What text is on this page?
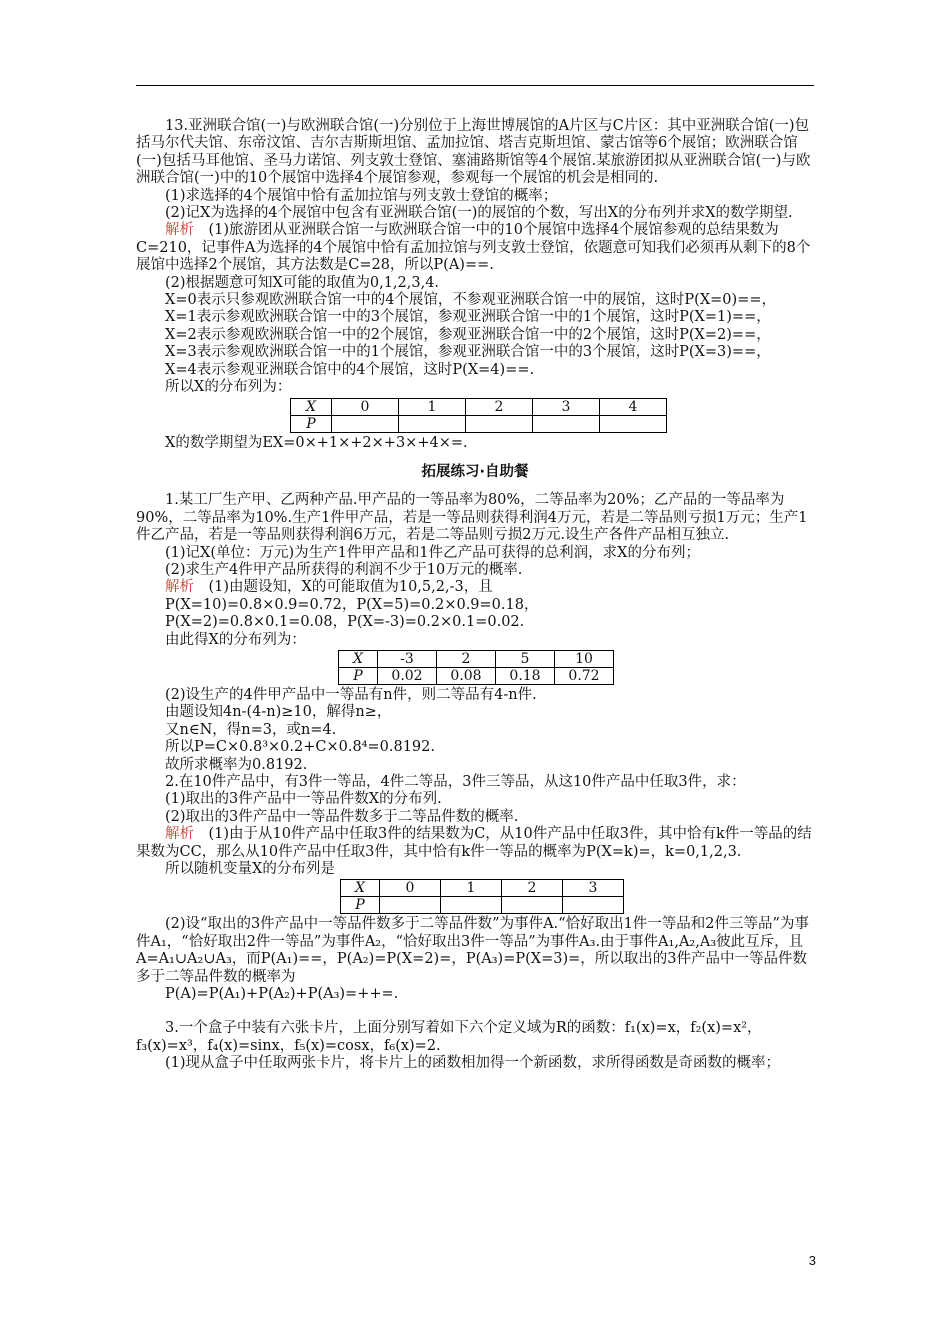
13.亚洲联合馆(一)与欧洲联合馆(一)分别位于上海世博展馆的A片区与C片区：其中亚洲联合馆(一)包括马尔代夫馆、东帝汶馆、吉尔吉斯斯坦馆、孟加拉馆、塔吉克斯坦馆、蒙古馆等6个展馆；欧洲联合馆(一)包括马耳他馆、圣马力诺馆、列支敦士登馆、塞浦路斯馆等4个展馆.某旅游团拟从亚洲联合馆(一)与欧洲联合馆(一)中的10个展馆中选择4个展馆参观，参观每一个展馆的机会是相同的.

(1)求选择的4个展馆中恰有孟加拉馆与列支敦士登馆的概率；

(2)记X为选择的4个展馆中包含有亚洲联合馆(一)的展馆的个数，写出X的分布列并求X的数学期望.

解析　 (1)旅游团从亚洲联合馆一与欧洲联合馆一中的10个展馆中选择4个展馆参观的总结果数为C=210，记事件A为选择的4个展馆中恰有孟加拉馆与列支敦士登馆，依题意可知我们必须再从剩下的8个展馆中选择2个展馆，其方法数是C=28，所以P(A)==.

(2)根据题意可知X可能的取值为0,1,2,3,4.

X=0表示只参观欧洲联合馆一中的4个展馆，不参观亚洲联合馆一中的展馆，这时P(X=0)==，

X=1表示参观欧洲联合馆一中的3个展馆，参观亚洲联合馆一中的1个展馆，这时P(X=1)==，

X=2表示参观欧洲联合馆一中的2个展馆，参观亚洲联合馆一中的2个展馆，这时P(X=2)==，

X=3表示参观欧洲联合馆一中的1个展馆，参观亚洲联合馆一中的3个展馆，这时P(X=3)==，

X=4表示参观亚洲联合馆中的4个展馆，这时P(X=4)==.

所以X的分布列为：

X	0	1	2	3	4
P					

X的数学期望为EX=0×+1×+2×+3×+4×=.

拓展练习·自助餐

1.某工厂生产甲、乙两种产品.甲产品的一等品率为80%，二等品率为20%；乙产品的一等品率为90%，二等品率为10%.生产1件甲产品，若是一等品则获得利润4万元，若是二等品则亏损1万元；生产1件乙产品，若是一等品则获得利润6万元，若是二等品则亏损2万元.设生产各件产品相互独立.

(1)记X(单位：万元)为生产1件甲产品和1件乙产品可获得的总利润，求X的分布列；

(2)求生产4件甲产品所获得的利润不少于10万元的概率.

解析　 (1)由题设知，X的可能取值为10,5,2,-3，且

P(X=10)=0.8×0.9=0.72，P(X=5)=0.2×0.9=0.18，

P(X=2)=0.8×0.1=0.08，P(X=-3)=0.2×0.1=0.02.

由此得X的分布列为：

X	-3	2	5	10
P	0.02	0.08	0.18	0.72

(2)设生产的4件甲产品中一等品有n件，则二等品有4-n件.

由题设知4n-(4-n)≥10，解得n≥，

又n∈N，得n=3，或n=4.

所以P=C×0.8³×0.2+C×0.8⁴=0.8192.

故所求概率为0.8192.

2.在10件产品中，有3件一等品，4件二等品，3件三等品，从这10件产品中任取3件，求：

(1)取出的3件产品中一等品件数X的分布列.

(2)取出的3件产品中一等品件数多于二等品件数的概率.

解析　 (1)由于从10件产品中任取3件的结果数为C，从10件产品中任取3件，其中恰有k件一等品的结果数为CC，那么从10件产品中任取3件，其中恰有k件一等品的概率为P(X=k)=，k=0,1,2,3.

所以随机变量X的分布列是

X	0	1	2	3
P				

(2)设“取出的3件产品中一等品件数多于二等品件数”为事件A.“恰好取出1件一等品和2件三等品”为事件A₁，“恰好取出2件一等品”为事件A₂，“恰好取出3件一等品”为事件A₃.由于事件A₁,A₂,A₃彼此互斥，且A=A₁∪A₂∪A₃，而P(A₁)==，P(A₂)=P(X=2)=，P(A₃)=P(X=3)=，所以取出的3件产品中一等品件数多于二等品件数的概率为

P(A)=P(A₁)+P(A₂)+P(A₃)=++=.

3.一个盒子中装有六张卡片，上面分别写着如下六个定义域为R的函数：f₁(x)=x，f₂(x)=x²，f₃(x)=x³，f₄(x)=sinx，f₅(x)=cosx，f₆(x)=2.

(1)现从盒子中任取两张卡片，将卡片上的函数相加得一个新函数，求所得函数是奇函数的概率；

3
